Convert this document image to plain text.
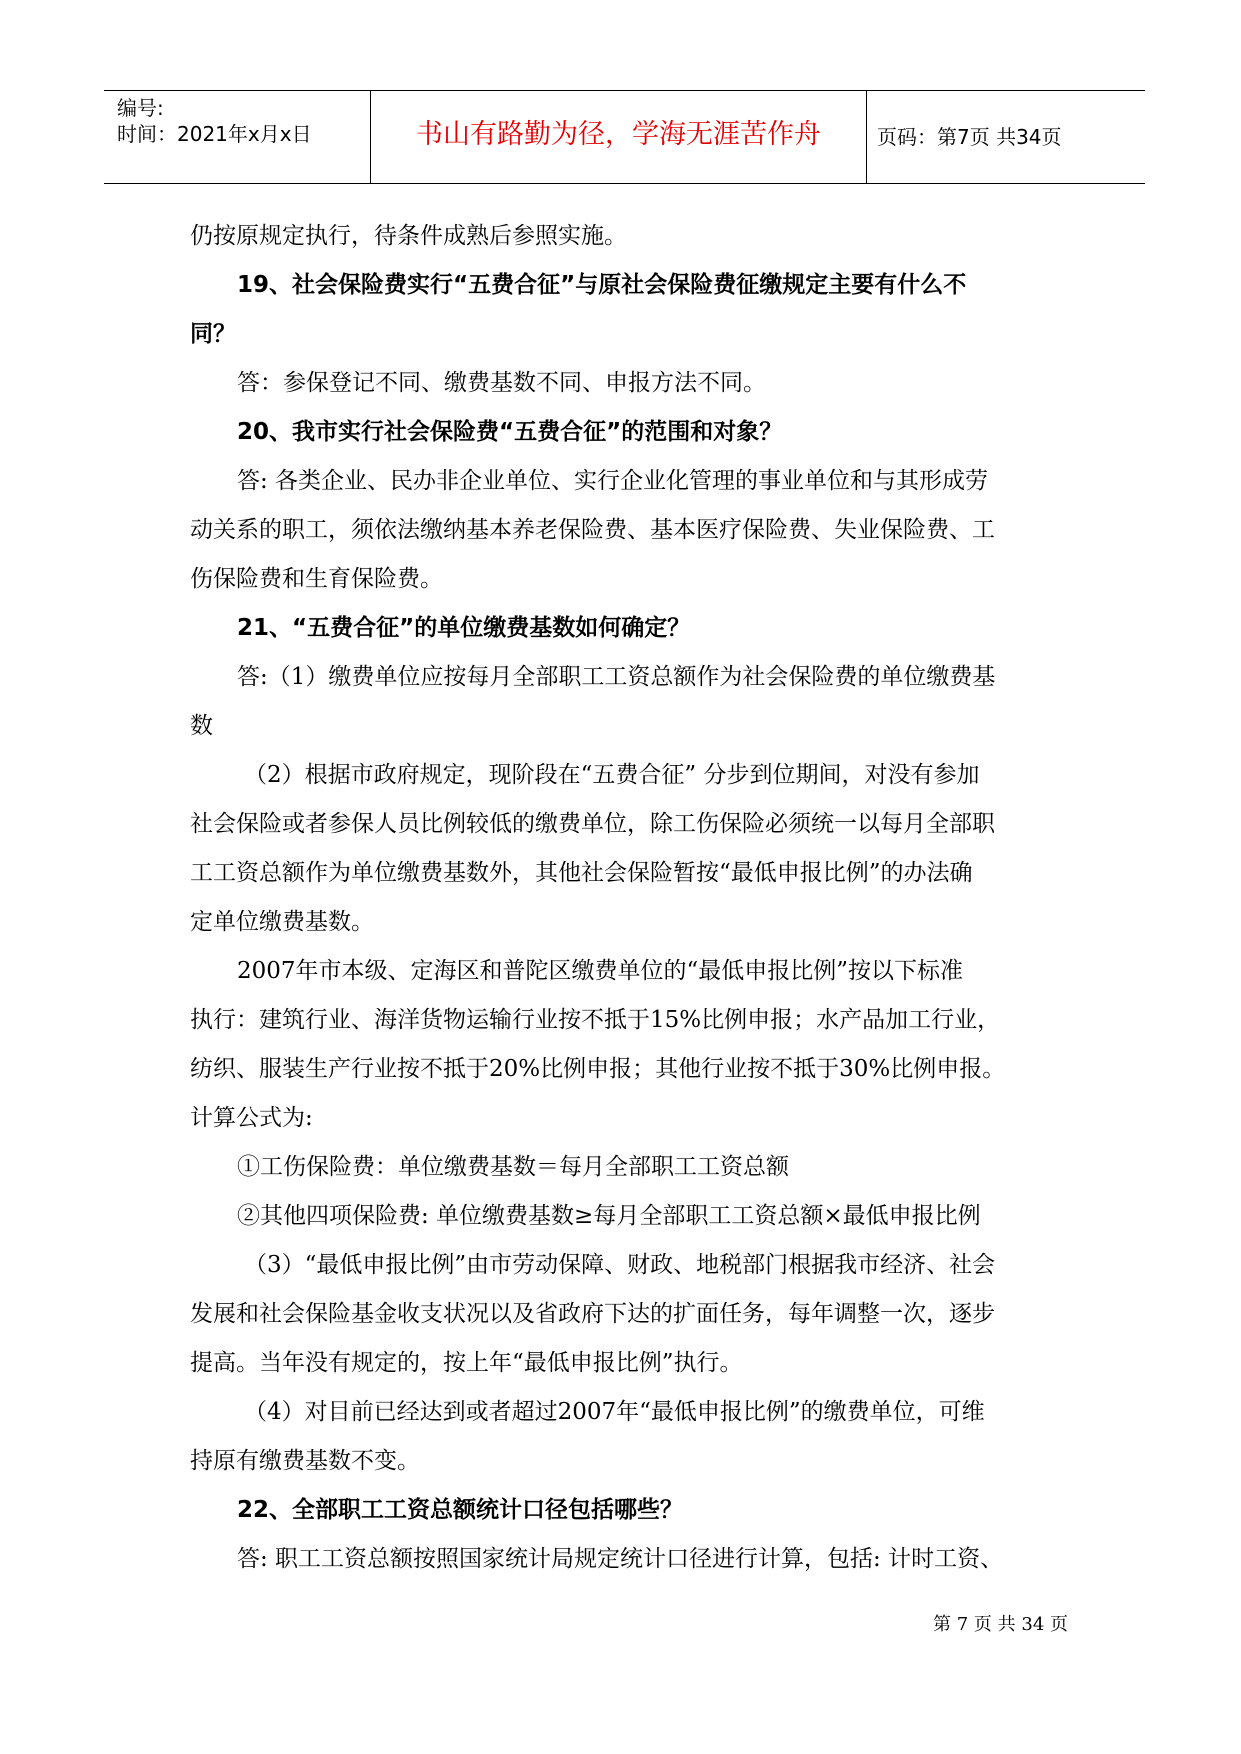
编号:
时间：2021年x月x日	书山有路勤为径，学海无涯苦作舟	页码：第7页 共34页
仍按原规定执行，待条件成熟后参照实施。
19、社会保险费实行“五费合征”与原社会保险费征缴规定主要有什么不
同？
答：参保登记不同、缴费基数不同、申报方法不同。
20、我市实行社会保险费“五费合征”的范围和对象？
答: 各类企业、民办非企业单位、实行企业化管理的事业单位和与其形成劳
动关系的职工，须依法缴纳基本养老保险费、基本医疗保险费、失业保险费、工
伤保险费和生育保险费。
21、“五费合征”的单位缴费基数如何确定？
答:（1）缴费单位应按每月全部职工工资总额作为社会保险费的单位缴费基
数
（2）根据市政府规定，现阶段在“五费合征” 分步到位期间，对没有参加
社会保险或者参保人员比例较低的缴费单位，除工伤保险必须统一以每月全部职
工工资总额作为单位缴费基数外，其他社会保险暂按“最低申报比例”的办法确
定单位缴费基数。
2007年市本级、定海区和普陀区缴费单位的“最低申报比例”按以下标准
执行：建筑行业、海洋货物运输行业按不抵于15%比例申报；水产品加工行业，
纺织、服装生产行业按不抵于20%比例申报；其他行业按不抵于30%比例申报。
计算公式为:
①工伤保险费：单位缴费基数＝每月全部职工工资总额
②其他四项保险费: 单位缴费基数≥每月全部职工工资总额×最低申报比例
（3）“最低申报比例”由市劳动保障、财政、地税部门根据我市经济、社会
发展和社会保险基金收支状况以及省政府下达的扩面任务，每年调整一次，逐步
提高。当年没有规定的，按上年“最低申报比例”执行。
（4）对目前已经达到或者超过2007年“最低申报比例”的缴费单位，可维
持原有缴费基数不变。
22、全部职工工资总额统计口径包括哪些？
答: 职工工资总额按照国家统计局规定统计口径进行计算，包括: 计时工资、
第 7 页 共 34 页
